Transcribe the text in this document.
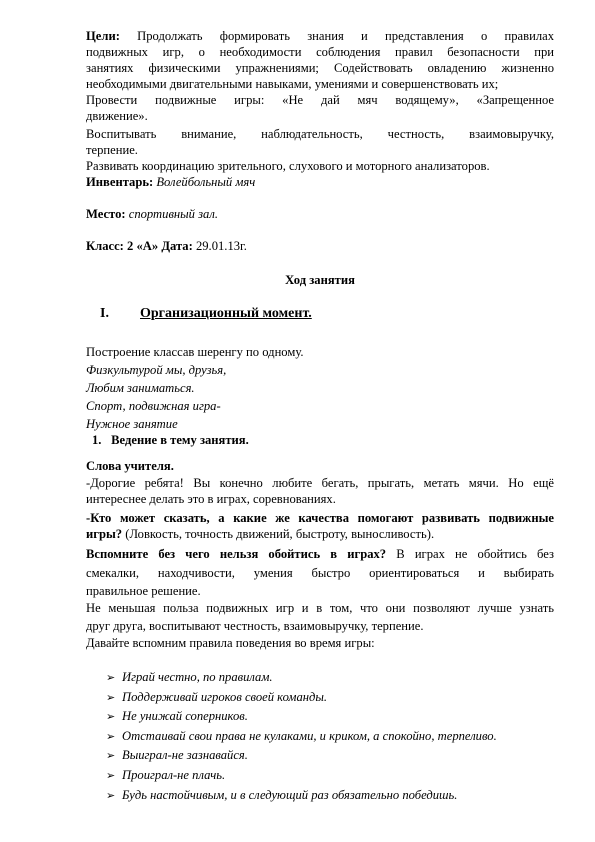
Цели: Продолжать формировать знания и представления о правилах

подвижных игр, о необходимости соблюдения правил безопасности при

занятиях физическими упражнениями; Содействовать овладению жизненно

необходимыми двигательными навыками, умениями и совершенствовать их;

Провести подвижные игры: «Не дай мяч водящему», «Запрещенное

движение».

Воспитывать внимание, наблюдательность, честность, взаимовыручку,

терпение.

Развивать координацию зрительного, слухового и моторного анализаторов.

Инвентарь: Волейбольный мяч

Место: спортивный зал.

Класс: 2 «А» Дата: 29.01.13г.

Ход занятия

I. Организационный момент.

Построение классав шеренгу по одному.

Физкультурой мы, друзья,

Любим заниматься.

Спорт, подвижная игра-

Нужное занятие

1. Ведение в тему занятия.

Слова учителя.

-Дорогие ребята! Вы конечно любите бегать, прыгать, метать мячи. Но ещё

интереснее делать это в играх, соревнованиях.

-Кто может сказать, а какие же качества помогают развивать подвижные

игры? (Ловкость, точность движений, быстроту, выносливость).

Вспомните без чего нельзя обойтись в играх? В играх не обойтись без

смекалки, находчивости, умения быстро ориентироваться и выбирать

правильное решение.

Не меньшая польза подвижных игр и в том, что они позволяют лучше узнать

друг друга, воспитывают честность, взаимовыручку, терпение.

Давайте вспомним правила поведения во время игры:

➢ Играй честно, по правилам.
➢ Поддерживай игроков своей команды.
➢ Не унижай соперников.
➢ Отстаивай свои права не кулаками, и криком, а спокойно, терпеливо.
➢ Выиграл-не зазнавайся.
➢ Проиграл-не плачь.
➢ Будь настойчивым, и в следующий раз обязательно победишь.
